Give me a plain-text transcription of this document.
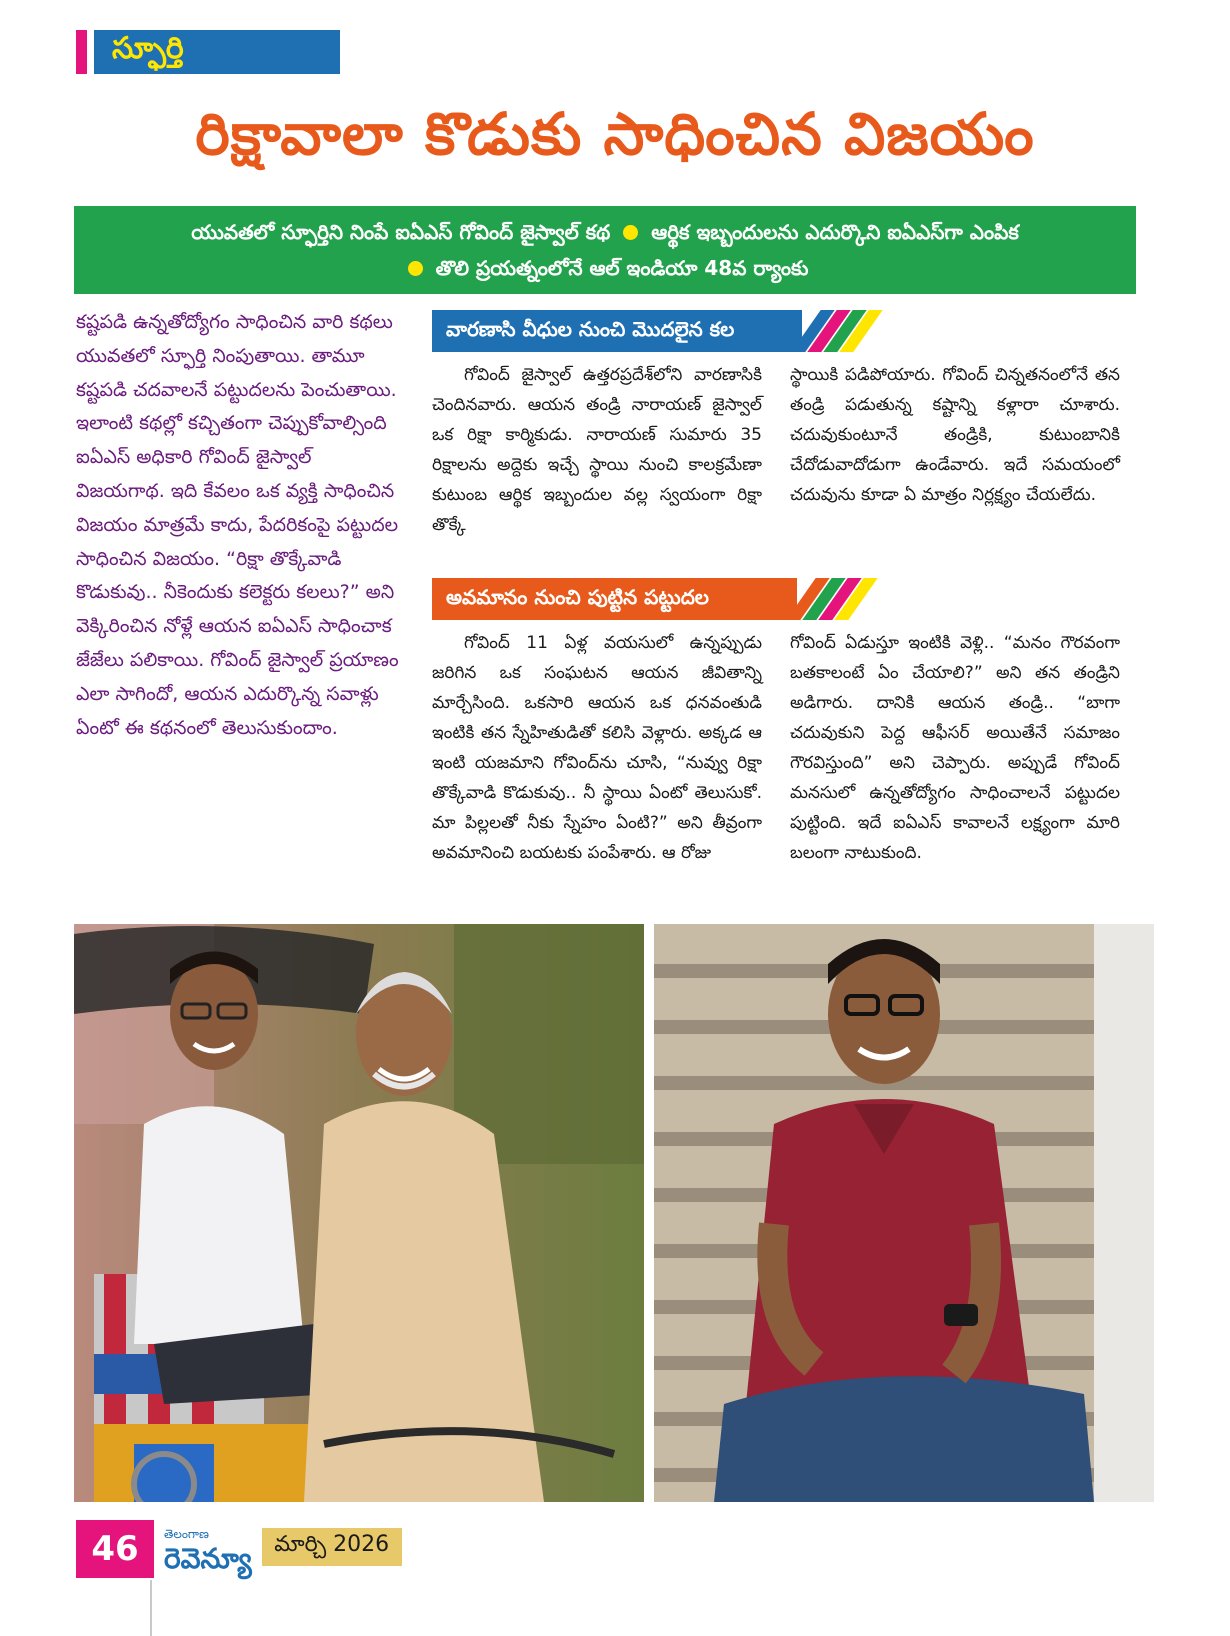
స్ఫూర్తి
రిక్షావాలా కొడుకు సాధించిన విజయం
యువతలో స్ఫూర్తిని నింపే ఐఏఎస్ గోవింద్ జైస్వాల్ కథ ఆర్థిక ఇబ్బందులను ఎదుర్కొని ఐఏఎస్‌గా ఎంపిక
తొలి ప్రయత్నంలోనే ఆల్ ఇండియా 48వ ర్యాంకు

కష్టపడి ఉన్నతోద్యోగం సాధించిన వారి కథలు యువతలో స్ఫూర్తి నింపుతాయి. తామూ కష్టపడి చదవాలనే పట్టుదలను పెంచుతాయి. ఇలాంటి కథల్లో కచ్చితంగా చెప్పుకోవాల్సింది ఐఏఎస్ అధికారి గోవింద్ జైస్వాల్ విజయగాథ. ఇది కేవలం ఒక వ్యక్తి సాధించిన విజయం మాత్రమే కాదు, పేదరికంపై పట్టుదల సాధించిన విజయం. “రిక్షా తొక్కేవాడి కొడుకువు.. నీకెందుకు కలెక్టరు కలలు?” అని వెక్కిరించిన నోళ్లే ఆయన ఐఏఎస్ సాధించాక జేజేలు పలికాయి. గోవింద్ జైస్వాల్ ప్రయాణం ఎలా సాగిందో, ఆయన ఎదుర్కొన్న సవాళ్లు ఏంటో ఈ కథనంలో తెలుసుకుందాం.

వారణాసి వీధుల నుంచి మొదలైన కల

గోవింద్ జైస్వాల్ ఉత్తరప్రదేశ్‌లోని వారణాసికి చెందినవారు. ఆయన తండ్రి నారాయణ్ జైస్వాల్ ఒక రిక్షా కార్మికుడు. నారాయణ్ సుమారు 35 రిక్షాలను అద్దెకు ఇచ్చే స్థాయి నుంచి కాలక్రమేణా కుటుంబ ఆర్థిక ఇబ్బందుల వల్ల స్వయంగా రిక్షా తొక్కే

స్థాయికి పడిపోయారు. గోవింద్ చిన్నతనంలోనే తన తండ్రి పడుతున్న కష్టాన్ని కళ్లారా చూశారు. చదువుకుంటూనే తండ్రికి, కుటుంబానికి చేదోడువాదోడుగా ఉండేవారు. ఇదే సమయంలో చదువును కూడా ఏ మాత్రం నిర్లక్ష్యం చేయలేదు.

అవమానం నుంచి పుట్టిన పట్టుదల

గోవింద్ 11 ఏళ్ల వయసులో ఉన్నప్పుడు జరిగిన ఒక సంఘటన ఆయన జీవితాన్ని మార్చేసింది. ఒకసారి ఆయన ఒక ధనవంతుడి ఇంటికి తన స్నేహితుడితో కలిసి వెళ్లారు. అక్కడ ఆ ఇంటి యజమాని గోవింద్‌ను చూసి, “నువ్వు రిక్షా తొక్కేవాడి కొడుకువు.. నీ స్థాయి ఏంటో తెలుసుకో. మా పిల్లలతో నీకు స్నేహం ఏంటి?” అని తీవ్రంగా అవమానించి బయటకు పంపేశారు. ఆ రోజు

గోవింద్ ఏడుస్తూ ఇంటికి వెళ్లి.. “మనం గౌరవంగా బతకాలంటే ఏం చేయాలి?” అని తన తండ్రిని అడిగారు. దానికి ఆయన తండ్రి.. “బాగా చదువుకుని పెద్ద ఆఫీసర్ అయితేనే సమాజం గౌరవిస్తుంది” అని చెప్పారు. అప్పుడే గోవింద్ మనసులో ఉన్నతోద్యోగం సాధించాలనే పట్టుదల పుట్టింది. ఇదే ఐఏఎస్ కావాలనే లక్ష్యంగా మారి బలంగా నాటుకుంది.

46	తెలంగాణ
రెవెన్యూ	మార్చి 2026
